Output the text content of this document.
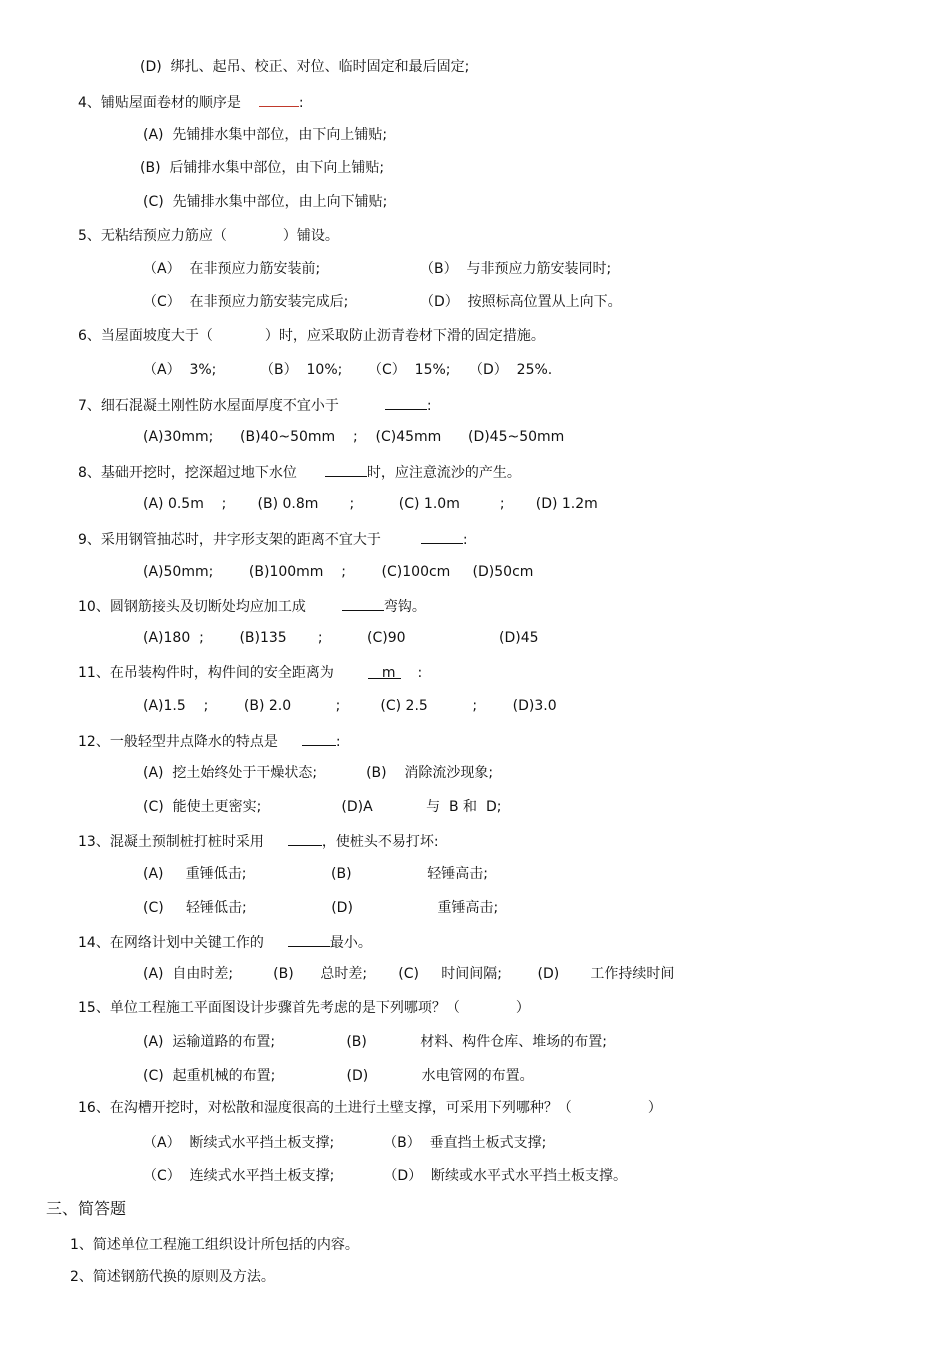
(D)  绑扎、起吊、校正、对位、临时固定和最后固定;
4、铺贴屋面卷材的顺序是	:
(A)  先铺排水集中部位，由下向上铺贴;
(B)  后铺排水集中部位，由下向上铺贴;
(C)  先铺排水集中部位，由上向下铺贴;
5、无粘结预应力筋应（	）铺设。
（A）  在非预应力筋安装前;	（B）  与非预应力筋安装同时;
（C）  在非预应力筋安装完成后;	（D）  按照标高位置从上向下。
6、当屋面坡度大于（	）时，应采取防止沥青卷材下滑的固定措施。
（A）  3%;	（B）  10%; （C）  15%; （D）  25%.
7、细石混凝土刚性防水屋面厚度不宜小于	:
(A)30mm;      (B)40~50mm    ;    (C)45mm      (D)45~50mm
8、基础开挖时，挖深超过地下水位	时，应注意流沙的产生。
(A) 0.5m    ;       (B) 0.8m       ;          (C) 1.0m         ;       (D) 1.2m
9、采用钢管抽芯时，井字形支架的距离不宜大于	:
(A)50mm;        (B)100mm    ;        (C)100cm     (D)50cm
10、圆钢筋接头及切断处均应加工成	弯钩。
(A)180  ;        (B)135       ;          (C)90                     (D)45
11、在吊装构件时，构件间的安全距离为	m :
(A)1.5    ;        (B) 2.0          ;         (C) 2.5          ;        (D)3.0
12、一般轻型井点降水的特点是	:
(A)  挖土始终处于干燥状态;           (B)    消除流沙现象;
(C)  能使土更密实;                  (D)A            与  B 和  D;
13、混凝土预制桩打桩时采用	，使桩头不易打坏:
(A)     重锤低击;                   (B)                 轻锤高击;
(C)     轻锤低击;                   (D)                   重锤高击;
14、在网络计划中关键工作的	最小。
(A)  自由时差;         (B)      总时差;       (C)     时间间隔;        (D)       工作持续时间
15、单位工程施工平面图设计步骤首先考虑的是下列哪项？（	）
(A)  运输道路的布置;                (B)            材料、构件仓库、堆场的布置;
(C)  起重机械的布置;                (D)            水电管网的布置。
16、在沟槽开挖时，对松散和湿度很高的土进行土壁支撑，可采用下列哪种？（	）
（A）  断续式水平挡土板支撑;           （B）  垂直挡土板式支撑;
（C）  连续式水平挡土板支撑;           （D）  断续或水平式水平挡土板支撑。
三、简答题
1、简述单位工程施工组织设计所包括的内容。
2、简述钢筋代换的原则及方法。
